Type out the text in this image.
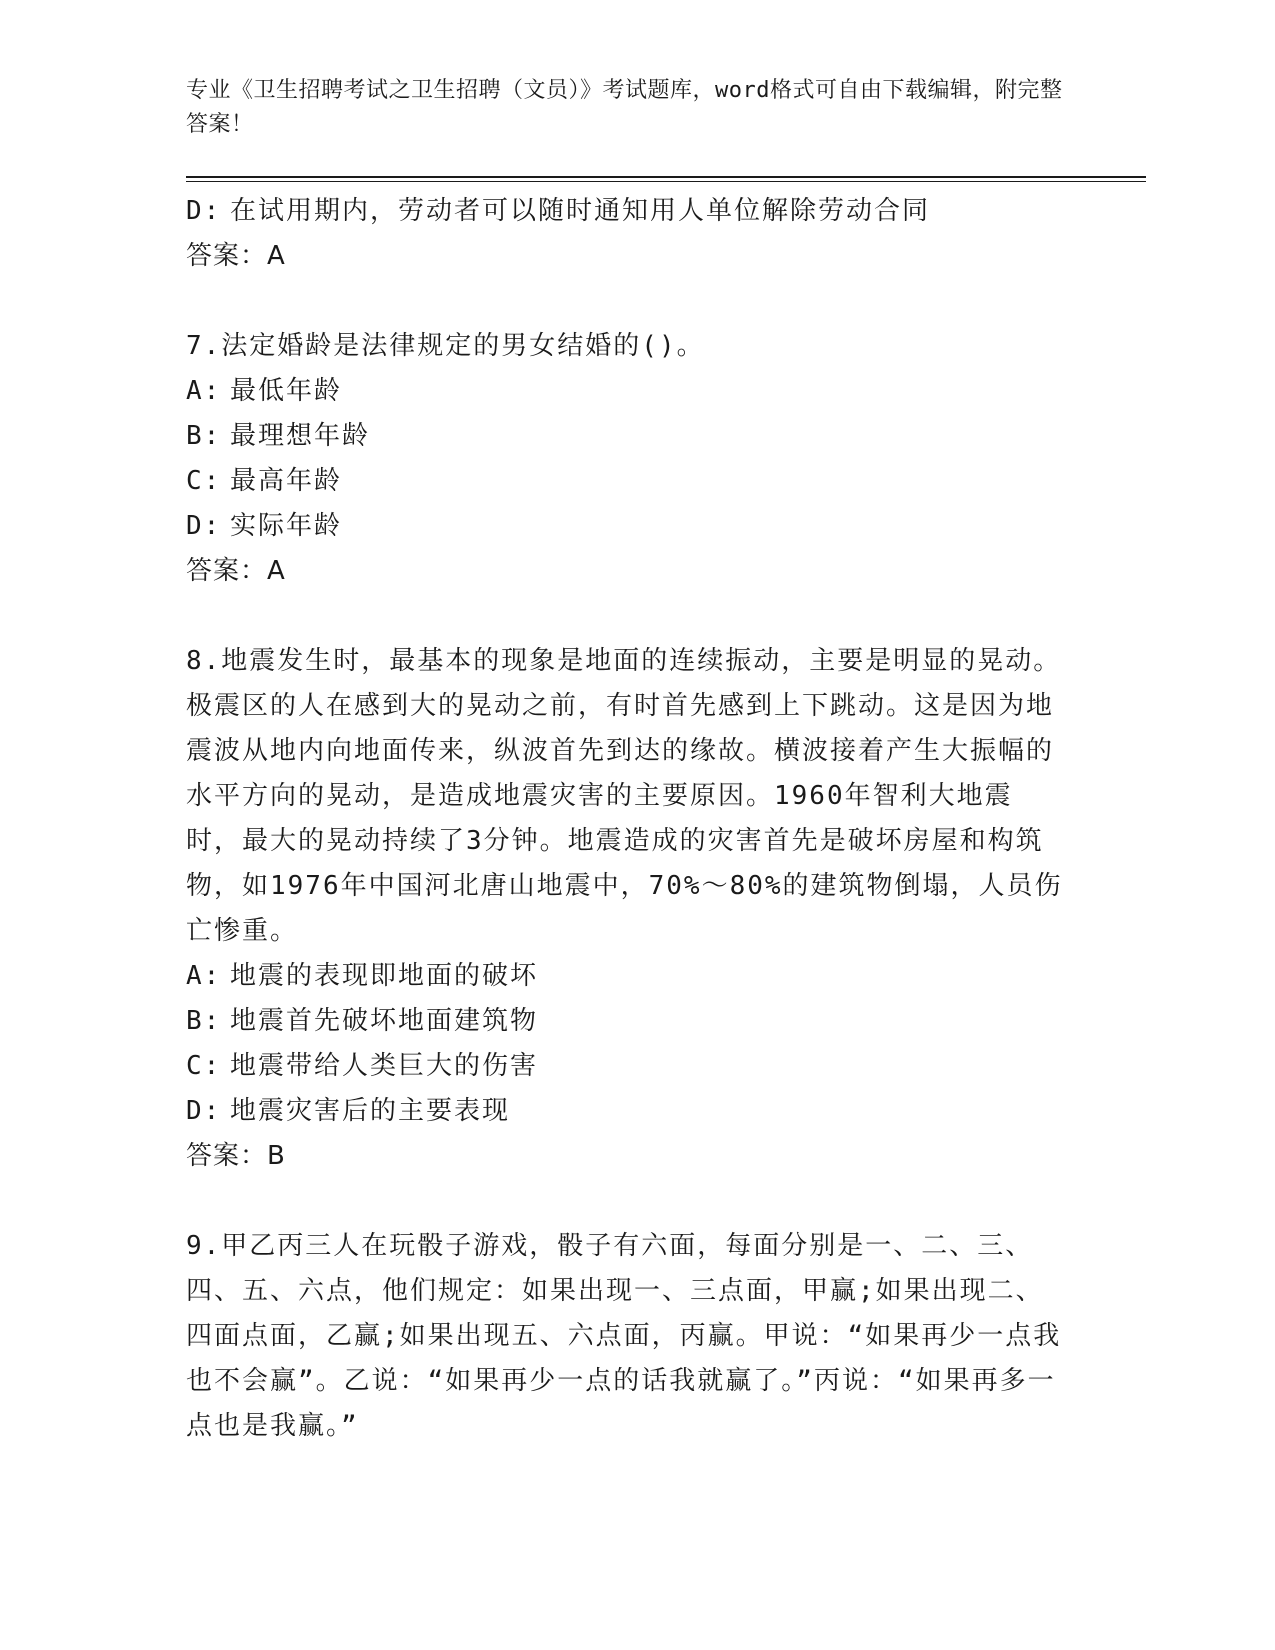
专业《卫生招聘考试之卫生招聘（文员）》考试题库，word格式可自由下载编辑，附完整答案！
D: 在试用期内，劳动者可以随时通知用人单位解除劳动合同
答案：A
7.法定婚龄是法律规定的男女结婚的()。
A: 最低年龄
B: 最理想年龄
C: 最高年龄
D: 实际年龄
答案：A
8.地震发生时，最基本的现象是地面的连续振动，主要是明显的晃动。极震区的人在感到大的晃动之前，有时首先感到上下跳动。这是因为地震波从地内向地面传来，纵波首先到达的缘故。横波接着产生大振幅的水平方向的晃动，是造成地震灾害的主要原因。1960年智利大地震时，最大的晃动持续了3分钟。地震造成的灾害首先是破坏房屋和构筑物，如1976年中国河北唐山地震中，70%～80%的建筑物倒塌，人员伤亡惨重。
A: 地震的表现即地面的破坏
B: 地震首先破坏地面建筑物
C: 地震带给人类巨大的伤害
D: 地震灾害后的主要表现
答案：B
9.甲乙丙三人在玩骰子游戏，骰子有六面，每面分别是一、二、三、四、五、六点，他们规定：如果出现一、三点面，甲赢;如果出现二、四面点面，乙赢;如果出现五、六点面，丙赢。甲说：“如果再少一点我也不会赢”。乙说：“如果再少一点的话我就赢了。”丙说：“如果再多一点也是我赢。”
